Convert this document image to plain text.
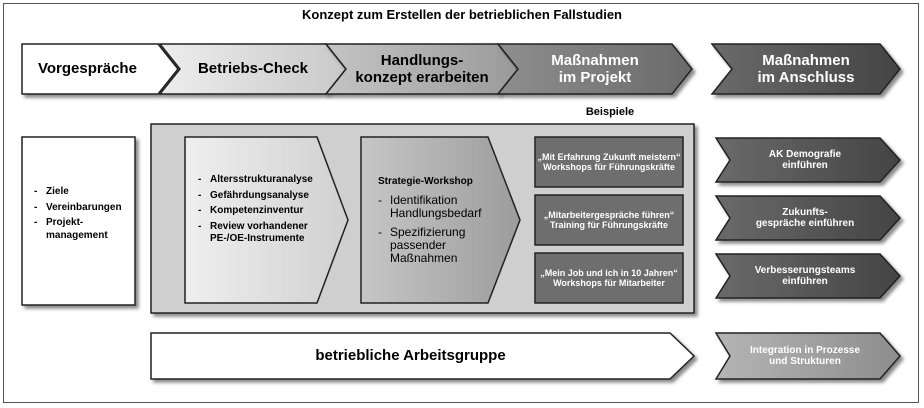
Konzept zum Erstellen der betrieblichen Fallstudien
Vorgespräche	Betriebs-Check
Handlungs-
konzept erarbeiten
Maßnahmen
im Projekt
Maßnahmen
im Anschluss
Beispiele
- Ziele
- Vereinbarungen
- Projekt-
management
- Altersstrukturanalyse
- Gefährdungsanalyse
- Kompetenzinventur
- Review vorhandener
PE-/OE-Instrumente
Strategie-Workshop
- Identifikation
Handlungsbedarf
- Spezifizierung
passender
Maßnahmen
„Mit Erfahrung Zukunft meistern“
Workshops für Führungskräfte
„Mitarbeitergespräche führen“
Training für Führungskräfte
„Mein Job und ich in 10 Jahren“
Workshops für Mitarbeiter
AK Demografie
einführen
Zukunfts-
gespräche einführen
Verbesserungsteams
einführen
betriebliche Arbeitsgruppe	Integration in Prozesse
und Strukturen
